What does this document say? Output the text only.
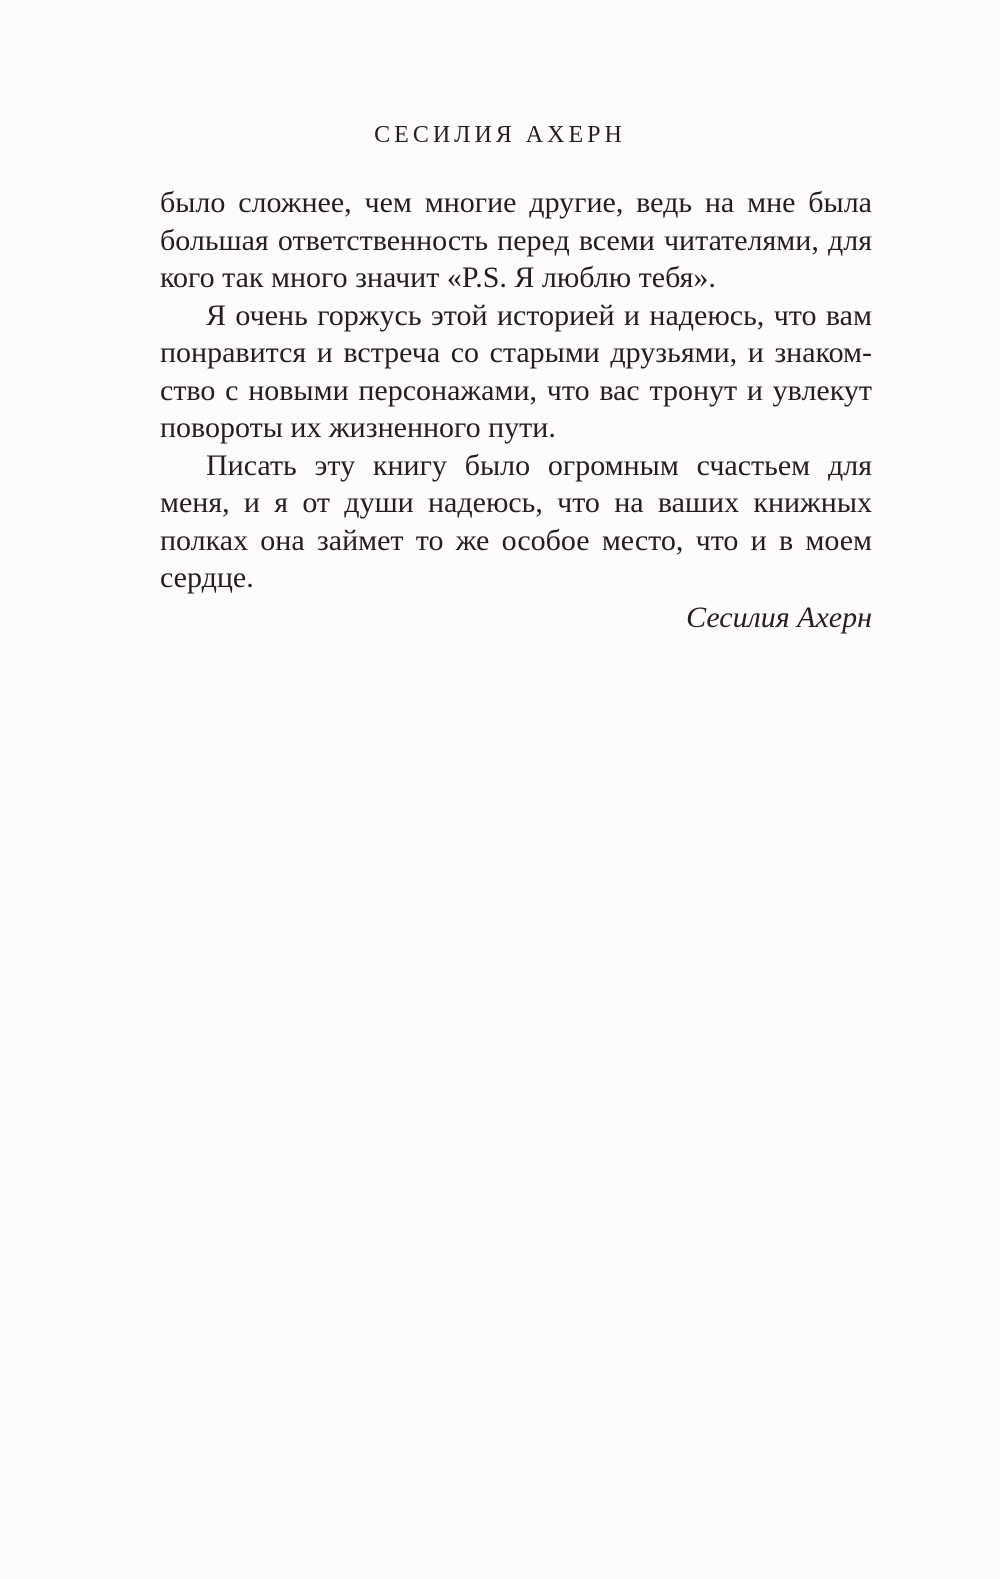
СЕСИЛИЯ АХЕРН
было сложнее, чем многие другие, ведь на мне была
большая ответственность перед всеми читателями, для
кого так много значит «P.S. Я люблю тебя».
Я очень горжусь этой историей и надеюсь, что вам
понравится и встреча со старыми друзьями, и знаком-
ство с новыми персонажами, что вас тронут и увлекут
повороты их жизненного пути.
Писать эту книгу было огромным счастьем для
меня, и я от души надеюсь, что на ваших книжных
полках она займет то же особое место, что и в моем
сердце.
Сесилия Ахерн
